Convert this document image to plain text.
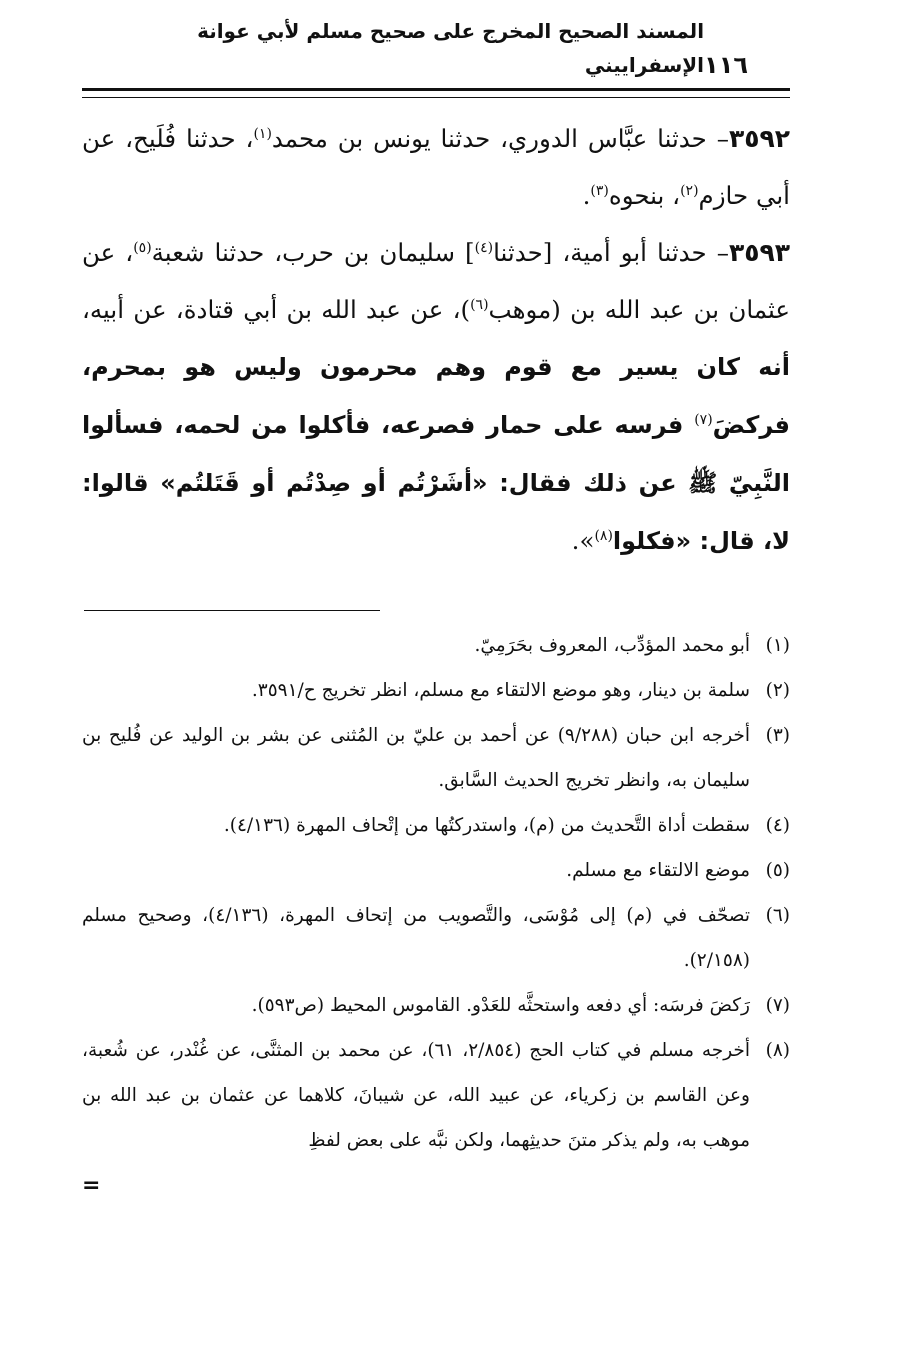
١١٦
المسند الصحيح المخرج على صحيح مسلم لأبي عوانة الإسفراييني

٣٥٩٢– حدثنا عبَّاس الدوري، حدثنا يونس بن محمد$^{(١)}$، حدثنا فُلَيح، عن أبي حازم$^{(٢)}$، بنحوه$^{(٣)}$.

٣٥٩٣– حدثنا أبو أمية، [حدثنا$^{(٤)}$] سليمان بن حرب، حدثنا شعبة$^{(٥)}$، عن عثمان بن عبد الله بن (موهب$^{(٦)}$)، عن عبد الله بن أبي قتادة، عن أبيه، أنه كان يسير مع قوم وهم محرمون وليس هو بمحرم، فركضَ$^{(٧)}$ فرسه على حمار فصرعه، فأكلوا من لحمه، فسألوا النَّبِيّ ﷺ عن ذلك فقال: «أشَرْتُم أو صِدْتُم أو قَتَلتُم» قالوا: لا، قال: «فكلوا$^{(٨)}$».

(١)أبو محمد المؤدِّب، المعروف بحَرَمِيّ.

(٢)سلمة بن دينار، وهو موضع الالتقاء مع مسلم، انظر تخريج ح/٣٥٩١.

(٣)أخرجه ابن حبان (٩/٢٨٨) عن أحمد بن عليّ بن المُثنى عن بشر بن الوليد عن فُليح بن سليمان به، وانظر تخريج الحديث السَّابق.

(٤)سقطت أداة التَّحديث من (م)، واستدركتُها من إتْحاف المهرة (٤/١٣٦).

(٥)موضع الالتقاء مع مسلم.

(٦)تصحّف في (م) إلى مُوْسَى، والتَّصويب من إتحاف المهرة، (٤/١٣٦)، وصحيح مسلم (٢/١٥٨).

(٧)رَكضَ فرسَه: أي دفعه واستحثَّه للعَدْو. القاموس المحيط (ص٥٩٣).

(٨)أخرجه مسلم في كتاب الحج (٢/٨٥٤، ٦١)، عن محمد بن المثنَّى، عن غُنْدر، عن شُعبة، وعن القاسم بن زكرياء، عن عبيد الله، عن شيبانَ، كلاهما عن عثمان بن عبد الله بن موهب به، ولم يذكر متنَ حديثِهما، ولكن نبَّه على بعض لفظِ

=
